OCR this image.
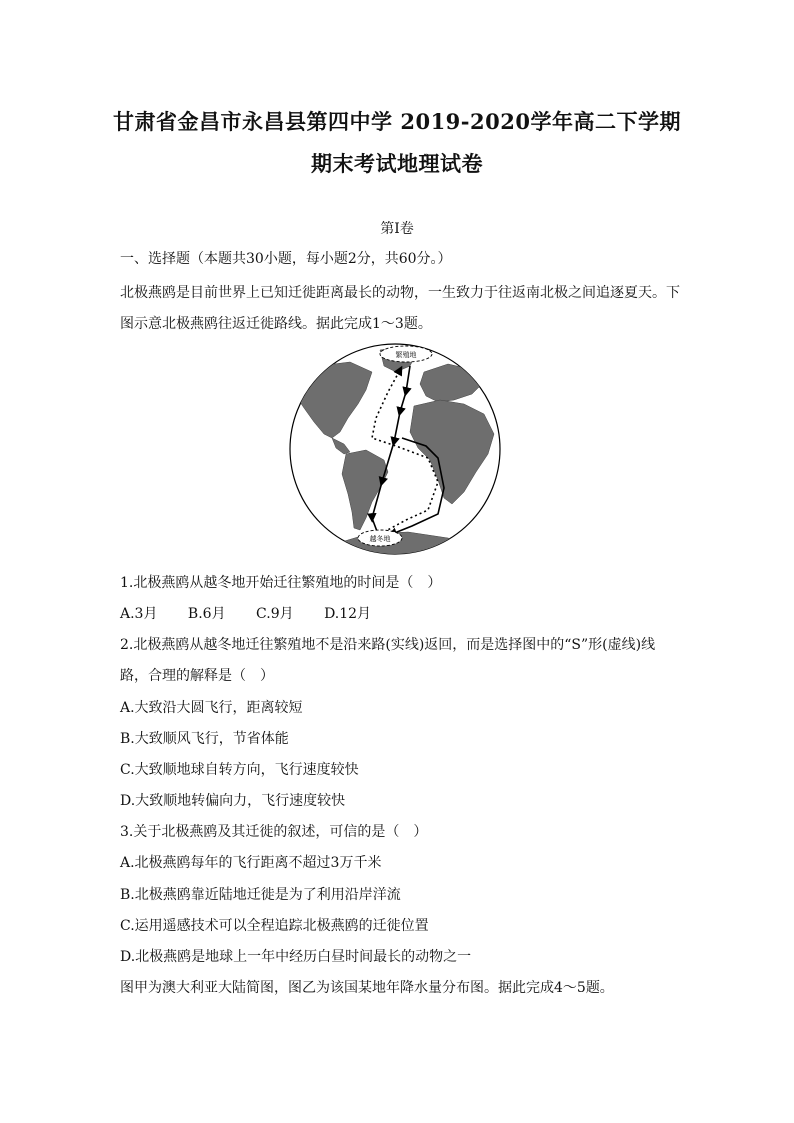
甘肃省金昌市永昌县第四中学 2019-2020学年高二下学期
期末考试地理试卷
第I卷
一、选择题（本题共30小题，每小题2分，共60分。）
北极燕鸥是目前世界上已知迁徙距离最长的动物，一生致力于往返南北极之间追逐夏天。下
图示意北极燕鸥往返迁徙路线。据此完成1～3题。
繁殖地
越冬地
1.北极燕鸥从越冬地开始迁往繁殖地的时间是（　）
A.3月 B.6月 C.9月 D.12月
2.北极燕鸥从越冬地迁往繁殖地不是沿来路(实线)返回，而是选择图中的“S”形(虚线)线
路，合理的解释是（　）
A.大致沿大圆飞行，距离较短
B.大致顺风飞行，节省体能
C.大致顺地球自转方向，飞行速度较快
D.大致顺地转偏向力，飞行速度较快
3.关于北极燕鸥及其迁徙的叙述，可信的是（　）
A.北极燕鸥每年的飞行距离不超过3万千米
B.北极燕鸥靠近陆地迁徙是为了利用沿岸洋流
C.运用遥感技术可以全程追踪北极燕鸥的迁徙位置
D.北极燕鸥是地球上一年中经历白昼时间最长的动物之一
图甲为澳大利亚大陆简图，图乙为该国某地年降水量分布图。据此完成4～5题。
